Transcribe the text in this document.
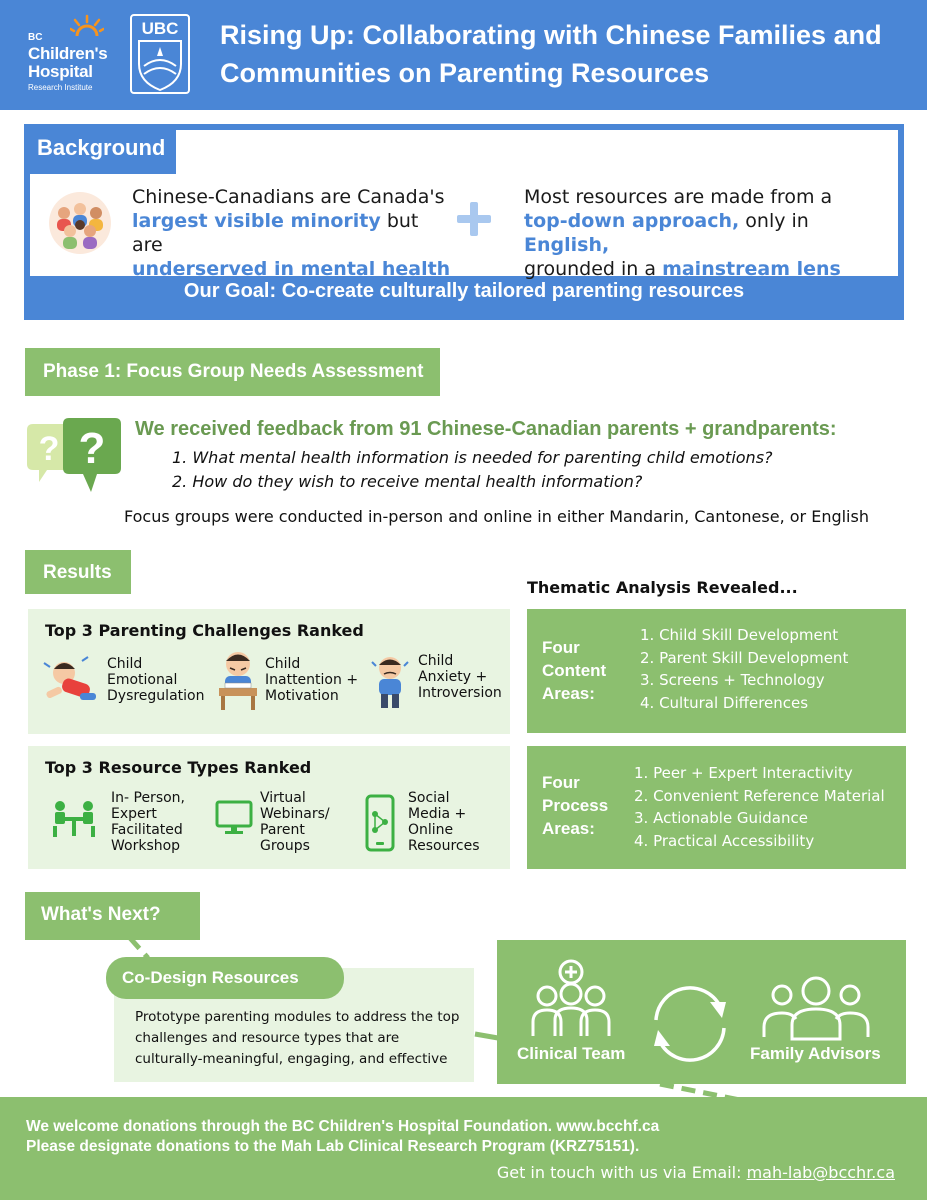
BC
Children's
Hospital
Research Institute
UBC Rising Up: Collaborating with Chinese Families and
Communities on Parenting Resources
Background
Chinese-Canadians are Canada's
largest visible minority but are
underserved in mental health
Most resources are made from a
top-down approach, only in English,
grounded in a mainstream lens
Our Goal: Co-create culturally tailored parenting resources
Phase 1: Focus Group Needs Assessment
? ? We received feedback from 91 Chinese-Canadian parents + grandparents:
1. What mental health information is needed for parenting child emotions?
2. How do they wish to receive mental health information?
Focus groups were conducted in-person and online in either Mandarin, Cantonese, or English
Results
Thematic Analysis Revealed...
Top 3 Parenting Challenges Ranked
Child
Emotional
Dysregulation
Child
Inattention +
Motivation
Child
Anxiety +
Introversion
Top 3 Resource Types Ranked
In- Person,
Expert
Facilitated
Workshop
Virtual
Webinars/
Parent
Groups
Social
Media +
Online
Resources
Four
Content
Areas:
1. Child Skill Development
2. Parent Skill Development
3. Screens + Technology
4. Cultural Differences
Four
Process
Areas:
1. Peer + Expert Interactivity
2. Convenient Reference Material
3. Actionable Guidance
4. Practical Accessibility
What's Next?
Co-Design Resources
Prototype parenting modules to address the top challenges and resource types that are culturally-meaningful, engaging, and effective	Clinical Team	Family Advisors
We welcome donations through the BC Children's Hospital Foundation. www.bcchf.ca
Please designate donations to the Mah Lab Clinical Research Program (KRZ75151).
Get in touch with us via Email: mah-lab@bcchr.ca
